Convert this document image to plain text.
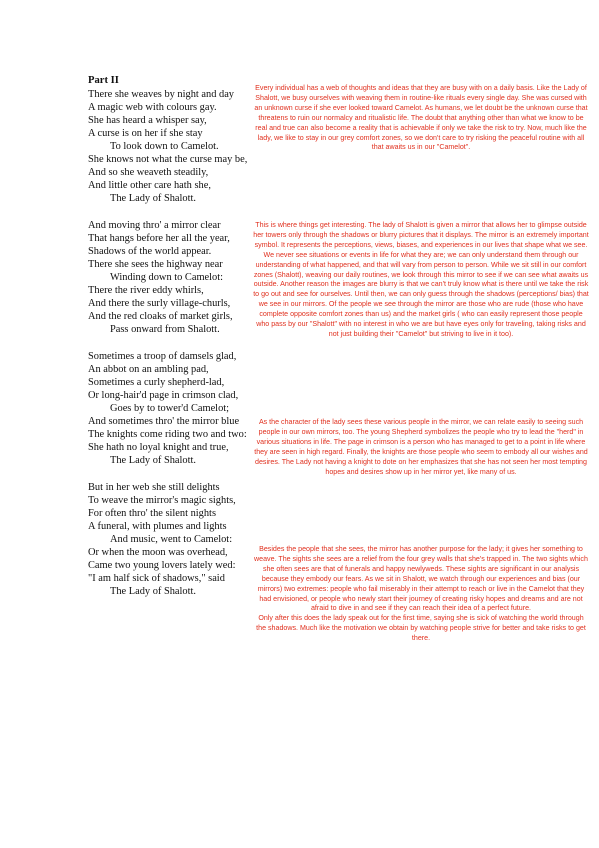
Part II
There she weaves by night and day
A magic web with colours gay.
She has heard a whisper say,
A curse is on her if she stay
To look down to Camelot.
She knows not what the curse may be,
And so she weaveth steadily,
And little other care hath she,
The Lady of Shalott.
And moving thro' a mirror clear
That hangs before her all the year,
Shadows of the world appear.
There she sees the highway near
Winding down to Camelot:
There the river eddy whirls,
And there the surly village-churls,
And the red cloaks of market girls,
Pass onward from Shalott.
Sometimes a troop of damsels glad,
An abbot on an ambling pad,
Sometimes a curly shepherd-lad,
Or long-hair'd page in crimson clad,
Goes by to tower'd Camelot;
And sometimes thro' the mirror blue
The knights come riding two and two:
She hath no loyal knight and true,
The Lady of Shalott.
But in her web she still delights
To weave the mirror's magic sights,
For often thro' the silent nights
A funeral, with plumes and lights
And music, went to Camelot:
Or when the moon was overhead,
Came two young lovers lately wed:
"I am half sick of shadows," said
The Lady of Shalott.

Every individual has a web of thoughts and ideas that they are busy with on a daily basis. Like the Lady of Shalott, we busy ourselves with weaving them in routine-like rituals every single day. She was cursed with an unknown curse if she ever looked toward Camelot. As humans, we let doubt be the unknown curse that threatens to ruin our normalcy and ritualistic life. The doubt that anything other than what we know to be real and true can also become a reality that is achievable if only we take the risk to try. Now, much like the lady, we like to stay in our grey comfort zones, so we don't care to try risking the peaceful routine with all that awaits us in our "Camelot".

This is where things get interesting. The lady of Shalott is given a mirror that allows her to glimpse outside her towers only through the shadows or blurry pictures that it displays. The mirror is an extremely important symbol. It represents the perceptions, views, biases, and experiences in our lives that shape what we see. We never see situations or events in life for what they are; we can only understand them through our understanding of what happened, and that will vary from person to person. While we sit still in our comfort zones (Shalott), weaving our daily routines, we look through this mirror to see if we can see what awaits us outside. Another reason the images are blurry is that we can't truly know what is there until we take the risk to go out and see for ourselves. Until then, we can only guess through the shadows (perceptions/ bias) that we see in our mirrors. Of the people we see through the mirror are those who are rude (those who have complete opposite comfort zones than us) and the market girls ( who can easily represent those people who pass by our "Shalott" with no interest in who we are but have eyes only for traveling, taking risks and not just building their "Camelot" but striving to live in it too).

As the character of the lady sees these various people in the mirror, we can relate easily to seeing such people in our own mirrors, too. The young Shepherd symbolizes the people who try to lead the "herd" in various situations in life. The page in crimson is a person who has managed to get to a point in life where they are seen in high regard. Finally, the knights are those people who seem to embody all our wishes and desires. The Lady not having a knight to dote on her emphasizes that she has not seen her most tempting hopes and desires show up in her mirror yet, like many of us.

Besides the people that she sees, the mirror has another purpose for the lady; it gives her something to weave. The sights she sees are a relief from the four grey walls that she's trapped in. The two sights which she often sees are that of funerals and happy newlyweds. These sights are significant in our analysis because they embody our fears. As we sit in Shalott, we watch through our experiences and bias (our mirrors) two extremes: people who fail miserably in their attempt to reach or live in the Camelot that they had envisioned, or people who newly start their journey of creating risky hopes and dreams and are not afraid to dive in and see if they can reach their idea of a perfect future.

Only after this does the lady speak out for the first time, saying she is sick of watching the world through the shadows. Much like the motivation we obtain by watching people strive for better and take risks to get there.
